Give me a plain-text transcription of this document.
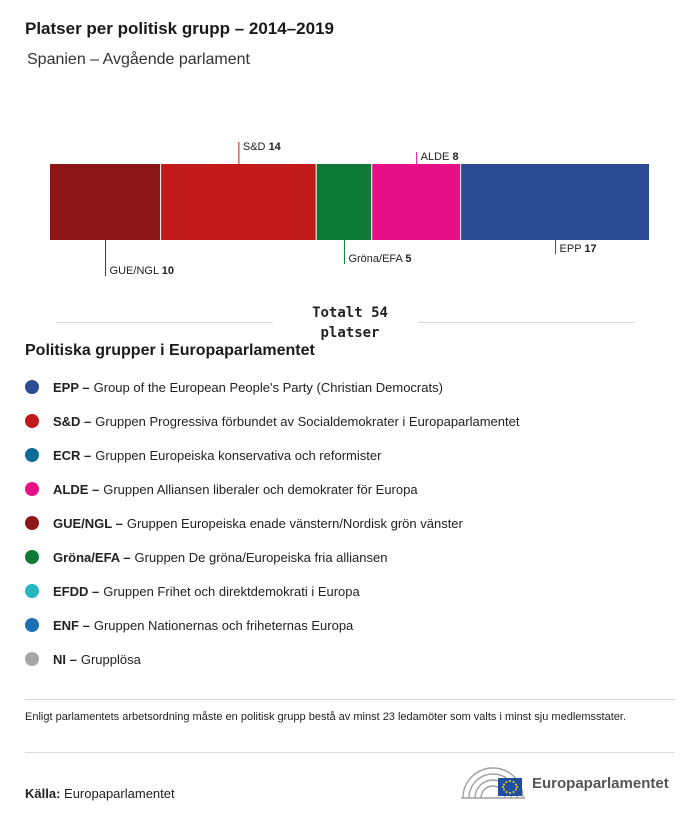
Platser per politisk grupp – 2014–2019
Spanien – Avgående parlament
GUE/NGL 10
S&D 14
Gröna/EFA 5
ALDE 8
EPP 17
Totalt 54
platser
Politiska grupper i Europaparlamentet
EPP – Group of the European People's Party (Christian Democrats)
S&D – Gruppen Progressiva förbundet av Socialdemokrater i Europaparlamentet
ECR – Gruppen Europeiska konservativa och reformister
ALDE – Gruppen Alliansen liberaler och demokrater för Europa
GUE/NGL – Gruppen Europeiska enade vänstern/Nordisk grön vänster
Gröna/EFA – Gruppen De gröna/Europeiska fria alliansen
EFDD – Gruppen Frihet och direktdemokrati i Europa
ENF – Gruppen Nationernas och friheternas Europa
NI – Grupplösa
Enligt parlamentets arbetsordning måste en politisk grupp bestå av minst 23 ledamöter som valts i minst sju medlemsstater.
Källa: Europaparlamentet
Europaparlamentet
